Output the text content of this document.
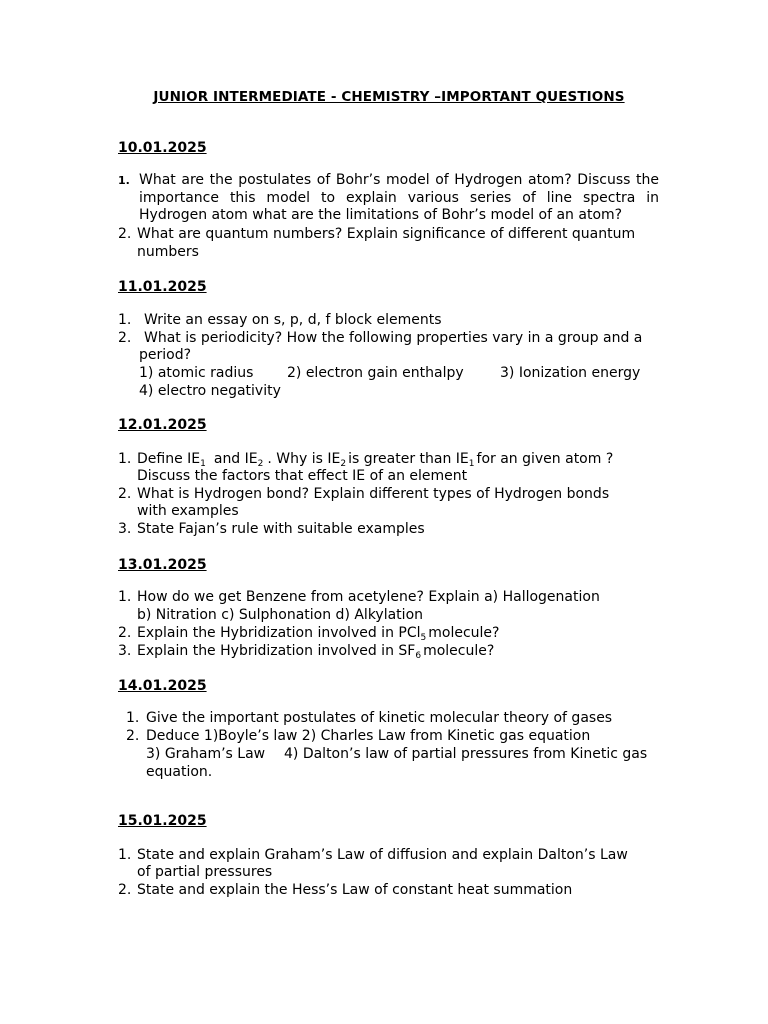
JUNIOR INTERMEDIATE - CHEMISTRY –IMPORTANT QUESTIONS
10.01.2025
1. What are the postulates of Bohr’s model of Hydrogen atom? Discuss the
importance this model to explain various series of line spectra in
Hydrogen atom what are the limitations of Bohr’s model of an atom?
2. What are quantum numbers? Explain significance of different quantum
numbers
11.01.2025
1. Write an essay on s, p, d, f block elements
2. What is periodicity? How the following properties vary in a group and a
period?
1) atomic radius 2) electron gain enthalpy	3) Ionization energy
4) electro negativity
12.01.2025
1. Define $IE_1$ and $IE_2$ . Why is $IE_2$ is greater than $IE_1$ for an given atom ?
Discuss the factors that effect IE of an element
2. What is Hydrogen bond? Explain different types of Hydrogen bonds
with examples
3. State Fajan’s rule with suitable examples
13.01.2025
1. How do we get Benzene from acetylene? Explain a) Hallogenation
b) Nitration c) Sulphonation d) Alkylation
2. Explain the Hybridization involved in PCl$_5$ molecule?
3. Explain the Hybridization involved in $SF_6$ molecule?
14.01.2025
1. Give the important postulates of kinetic molecular theory of gases
2. Deduce 1)Boyle’s law 2) Charles Law from Kinetic gas equation
3) Graham’s Law 4) Dalton’s law of partial pressures from Kinetic gas
equation.
15.01.2025
1. State and explain Graham’s Law of diffusion and explain Dalton’s Law
of partial pressures
2. State and explain the Hess’s Law of constant heat summation
